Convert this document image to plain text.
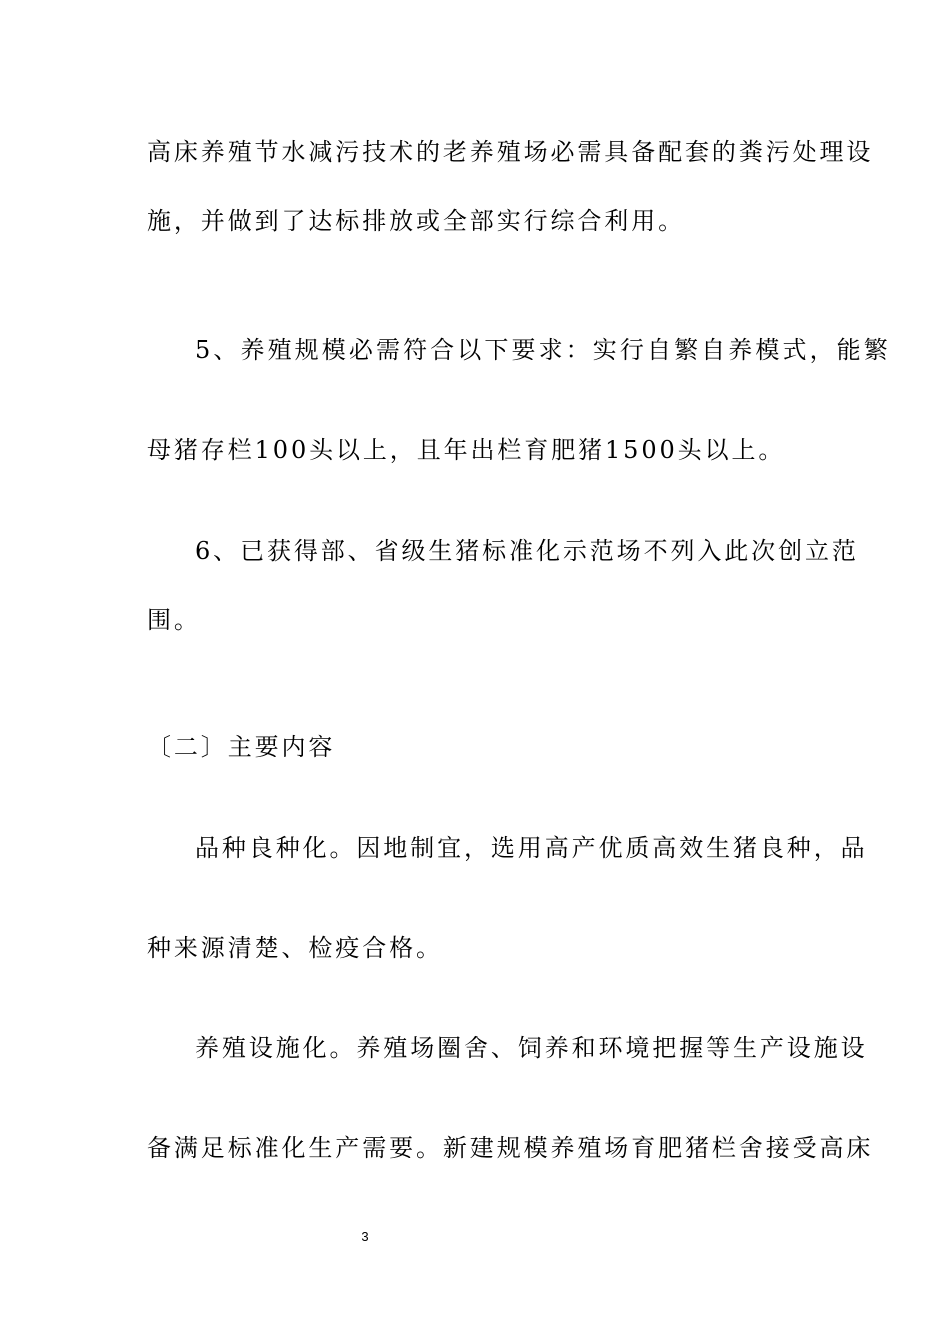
高床养殖节水减污技术的老养殖场必需具备配套的粪污处理设
施，并做到了达标排放或全部实行综合利用。
5、养殖规模必需符合以下要求：实行自繁自养模式，能繁
母猪存栏100头以上，且年出栏育肥猪1500头以上。
6、已获得部、省级生猪标准化示范场不列入此次创立范
围。
〔二〕主要内容
品种良种化。因地制宜，选用高产优质高效生猪良种，品
种来源清楚、检疫合格。
养殖设施化。养殖场圈舍、饲养和环境把握等生产设施设
备满足标准化生产需要。新建规模养殖场育肥猪栏舍接受高床
3
